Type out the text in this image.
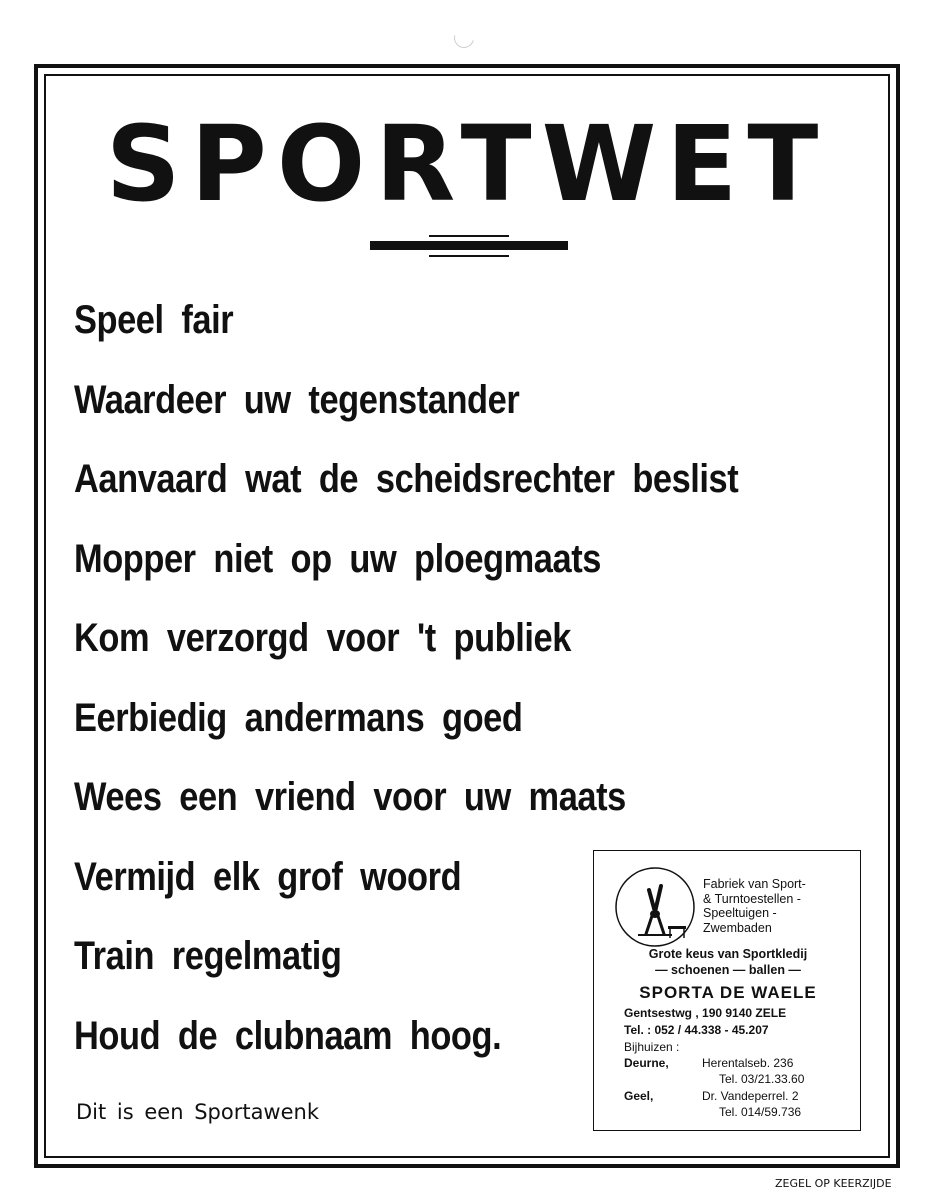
SPORTWET
Speel fair
Waardeer uw tegenstander
Aanvaard wat de scheidsrechter beslist
Mopper niet op uw ploegmaats
Kom verzorgd voor 't publiek
Eerbiedig andermans goed
Wees een vriend voor uw maats
Vermijd elk grof woord
Train regelmatig
Houd de clubnaam hoog.
Dit is een Sportawenk
Fabriek van Sport-
& Turntoestellen -
Speeltuigen -
Zwembaden
Grote keus van Sportkledij
— schoenen — ballen —
SPORTA DE WAELE
Gentsestwg , 190 9140 ZELE
Tel. : 052 / 44.338 - 45.207
Bijhuizen :
Deurne,	Herentalseb. 236
Tel. 03/21.33.60
Geel,	Dr. Vandeperrel. 2
Tel. 014/59.736
ZEGEL OP KEERZIJDE
